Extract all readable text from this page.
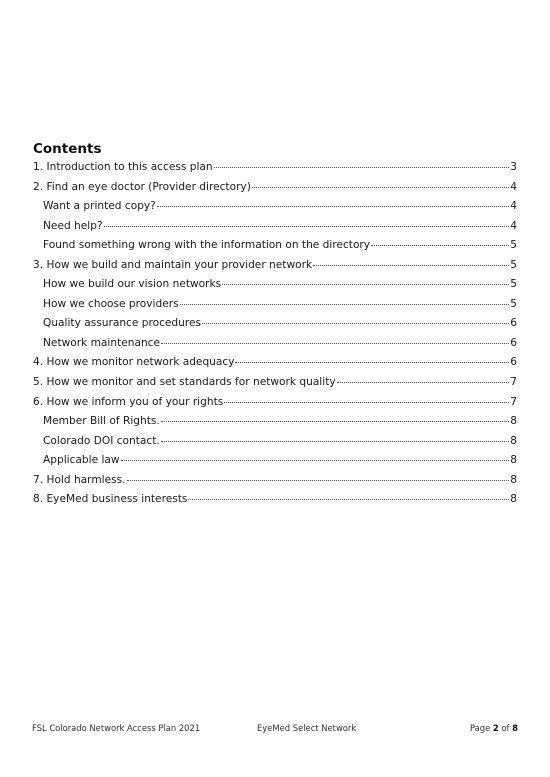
Contents
1. Introduction to this access plan	3
2. Find an eye doctor (Provider directory)	4
Want a printed copy?	4
Need help?	4
Found something wrong with the information on the directory	5
3. How we build and maintain your provider network	5
How we build our vision networks	5
How we choose providers	5
Quality assurance procedures	6
Network maintenance	6
4. How we monitor network adequacy	6
5. How we monitor and set standards for network quality	7
6. How we inform you of your rights	7
Member Bill of Rights.	8
Colorado DOI contact.	8
Applicable law	8
7. Hold harmless.	8
8. EyeMed business interests	8
FSL Colorado Network Access Plan 2021	EyeMed Select Network	Page 2 of 8
